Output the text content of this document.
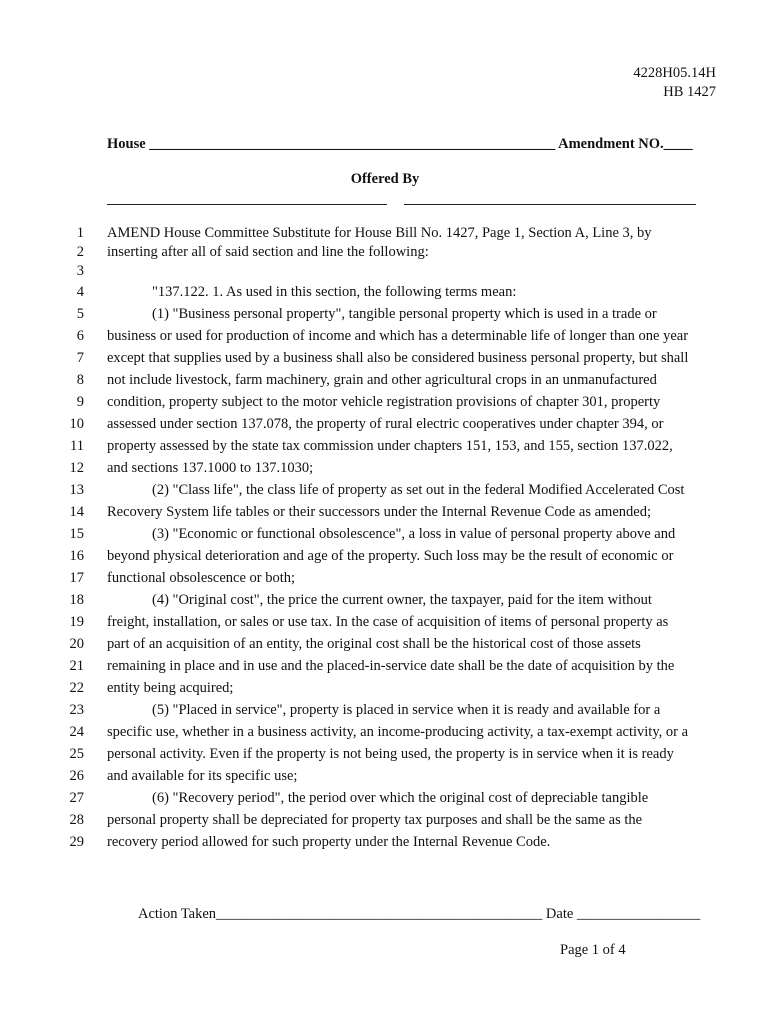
4228H05.14H
HB 1427
House ________________________________________________________ Amendment NO.____
Offered By
1 AMEND House Committee Substitute for House Bill No. 1427, Page 1, Section A, Line 3, by
2 inserting after all of said section and line the following:
3
4	"137.122. 1. As used in this section, the following terms mean:
5	(1) "Business personal property", tangible personal property which is used in a trade or
6 business or used for production of income and which has a determinable life of longer than one year
7 except that supplies used by a business shall also be considered business personal property, but shall
8 not include livestock, farm machinery, grain and other agricultural crops in an unmanufactured
9 condition, property subject to the motor vehicle registration provisions of chapter 301, property
10 assessed under section 137.078, the property of rural electric cooperatives under chapter 394, or
11 property assessed by the state tax commission under chapters 151, 153, and 155, section 137.022,
12 and sections 137.1000 to 137.1030;
13	(2) "Class life", the class life of property as set out in the federal Modified Accelerated Cost
14 Recovery System life tables or their successors under the Internal Revenue Code as amended;
15	(3) "Economic or functional obsolescence", a loss in value of personal property above and
16 beyond physical deterioration and age of the property. Such loss may be the result of economic or
17 functional obsolescence or both;
18	(4) "Original cost", the price the current owner, the taxpayer, paid for the item without
19 freight, installation, or sales or use tax. In the case of acquisition of items of personal property as
20 part of an acquisition of an entity, the original cost shall be the historical cost of those assets
21 remaining in place and in use and the placed-in-service date shall be the date of acquisition by the
22 entity being acquired;
23	(5) "Placed in service", property is placed in service when it is ready and available for a
24 specific use, whether in a business activity, an income-producing activity, a tax-exempt activity, or a
25 personal activity. Even if the property is not being used, the property is in service when it is ready
26 and available for its specific use;
27	(6) "Recovery period", the period over which the original cost of depreciable tangible
28 personal property shall be depreciated for property tax purposes and shall be the same as the
29 recovery period allowed for such property under the Internal Revenue Code.
Action Taken_____________________________________________ Date _________________
Page 1 of 4
